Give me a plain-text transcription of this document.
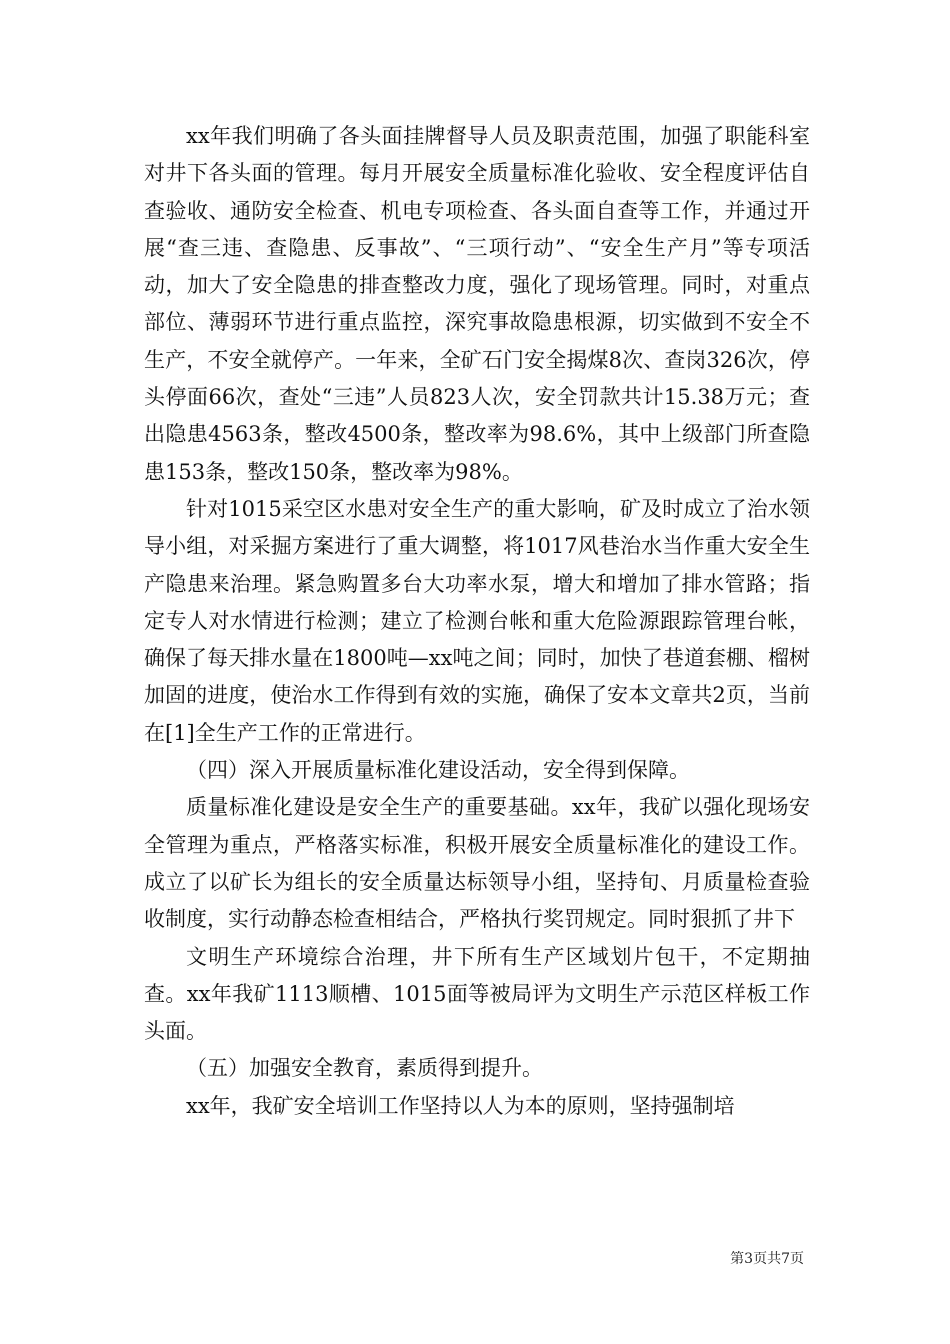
xx年我们明确了各头面挂牌督导人员及职责范围，加强了职能科室对井下各头面的管理。每月开展安全质量标准化验收、安全程度评估自查验收、通防安全检查、机电专项检查、各头面自查等工作，并通过开展“查三违、查隐患、反事故”、“三项行动”、“安全生产月”等专项活动，加大了安全隐患的排查整改力度，强化了现场管理。同时，对重点部位、薄弱环节进行重点监控，深究事故隐患根源，切实做到不安全不生产，不安全就停产。一年来，全矿石门安全揭煤8次、查岗326次，停头停面66次，查处“三违”人员823人次，安全罚款共计15.38万元；查出隐患4563条，整改4500条，整改率为98.6%，其中上级部门所查隐患153条，整改150条，整改率为98%。

针对1015采空区水患对安全生产的重大影响，矿及时成立了治水领导小组，对采掘方案进行了重大调整，将1017风巷治水当作重大安全生产隐患来治理。紧急购置多台大功率水泵，增大和增加了排水管路；指定专人对水情进行检测；建立了检测台帐和重大危险源跟踪管理台帐，确保了每天排水量在1800吨—xx吨之间；同时，加快了巷道套棚、榴树加固的进度，使治水工作得到有效的实施，确保了安本文章共2页，当前在[1]全生产工作的正常进行。

（四）深入开展质量标准化建设活动，安全得到保障。

质量标准化建设是安全生产的重要基础。xx年，我矿以强化现场安全管理为重点，严格落实标准，积极开展安全质量标准化的建设工作。成立了以矿长为组长的安全质量达标领导小组，坚持旬、月质量检查验收制度，实行动静态检查相结合，严格执行奖罚规定。同时狠抓了井下

文明生产环境综合治理，井下所有生产区域划片包干，不定期抽查。xx年我矿1113顺槽、1015面等被局评为文明生产示范区样板工作头面。

（五）加强安全教育，素质得到提升。

xx年，我矿安全培训工作坚持以人为本的原则，坚持强制培

第3页共7页
